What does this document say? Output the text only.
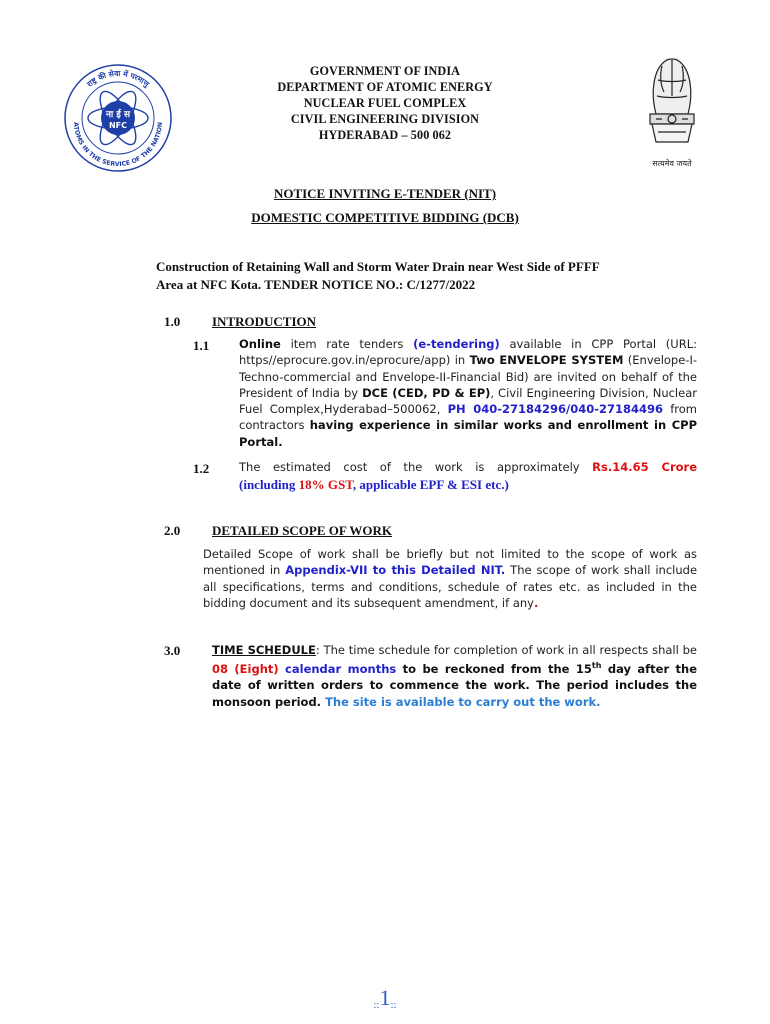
ना ई स
NFC
राष्ट्र की सेवा में परमाणु
ATOMS IN THE SERVICE OF THE NATION
सत्यमेव जयते
GOVERNMENT OF INDIA
DEPARTMENT OF ATOMIC ENERGY
NUCLEAR FUEL COMPLEX
CIVIL ENGINEERING DIVISION
HYDERABAD – 500 062
NOTICE INVITING E-TENDER (NIT)
DOMESTIC COMPETITIVE BIDDING (DCB)
Construction of Retaining Wall and Storm Water Drain near West Side of PFFF
Area at NFC Kota. TENDER NOTICE NO.: C/1277/2022
1.0 INTRODUCTION
1.1	Online item rate tenders (e-tendering) available in CPP Portal (URL: https//eprocure.gov.in/eprocure/app) in Two ENVELOPE SYSTEM (Envelope-I- Techno-commercial and Envelope-II-Financial Bid) are invited on behalf of the President of India by DCE (CED, PD & EP), Civil Engineering Division, Nuclear Fuel Complex,Hyderabad–500062, PH 040-27184296/040-27184496 from contractors having experience in similar works and enrollment in CPP Portal.
1.2	The estimated cost of the work is approximately Rs.14.65 Crore
(including 18% GST, applicable EPF & ESI etc.)
2.0 DETAILED SCOPE OF WORK
Detailed Scope of work shall be briefly but not limited to the scope of work as mentioned in Appendix-VII to this Detailed NIT. The scope of work shall include all specifications, terms and conditions, schedule of rates etc. as included in the bidding document and its subsequent amendment, if any.
3.0	TIME SCHEDULE: The time schedule for completion of work in all respects shall be 08 (Eight) calendar months to be reckoned from the 15th day after the date of written orders to commence the work. The period includes the monsoon period. The site is available to carry out the work.
::1::
